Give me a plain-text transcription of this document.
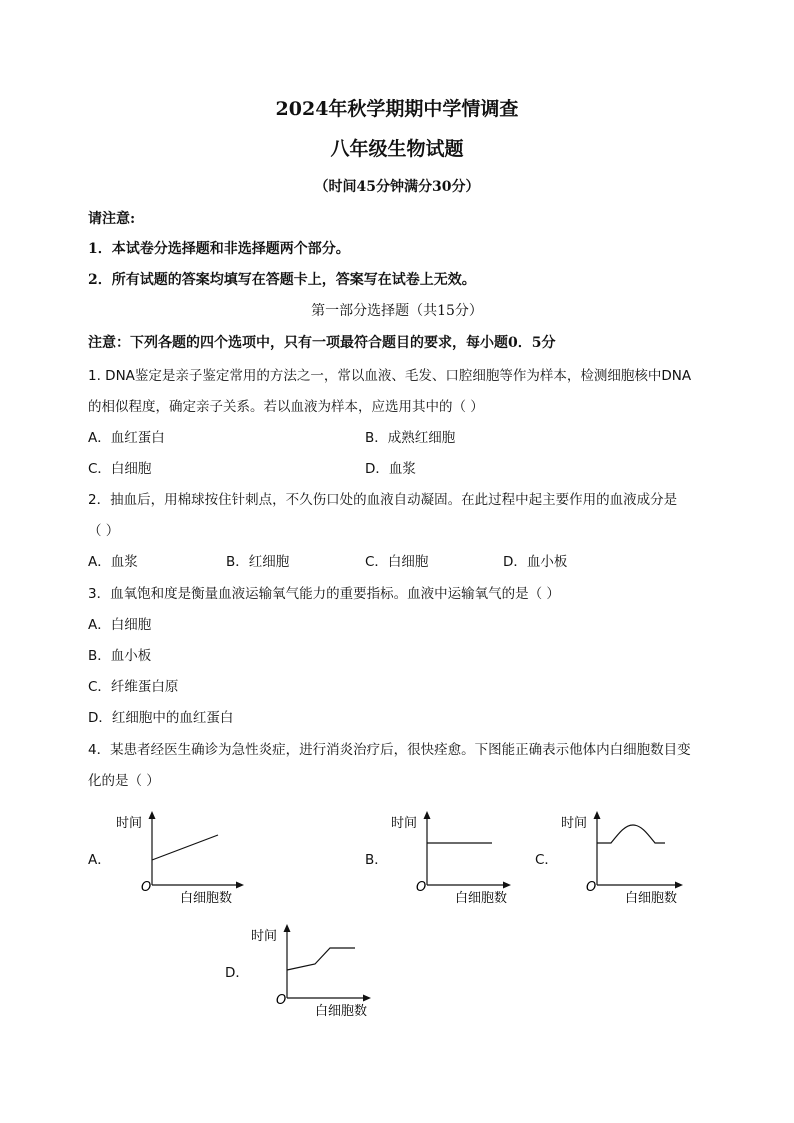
2024年秋学期期中学情调查
八年级生物试题
（时间45分钟满分30分）
请注意:
1．本试卷分选择题和非选择题两个部分。
2．所有试题的答案均填写在答题卡上，答案写在试卷上无效。
第一部分选择题（共15分）
注意：下列各题的四个选项中，只有一项最符合题目的要求，每小题0．5分
1. DNA鉴定是亲子鉴定常用的方法之一，常以血液、毛发、口腔细胞等作为样本，检测细胞核中DNA
的相似程度，确定亲子关系。若以血液为样本，应选用其中的（ ）
A．血红蛋白	B．成熟红细胞
C．白细胞	D．血浆
2．抽血后，用棉球按住针刺点，不久伤口处的血液自动凝固。在此过程中起主要作用的血液成分是
（ ）
A．血浆	B．红细胞	C．白细胞	D．血小板
3．血氧饱和度是衡量血液运输氧气能力的重要指标。血液中运输氧气的是（ ）
A．白细胞
B．血小板
C．纤维蛋白原
D．红细胞中的血红蛋白
4．某患者经医生确诊为急性炎症，进行消炎治疗后，很快痊愈。下图能正确表示他体内白细胞数目变
化的是（ ）
A．
时间
O
白细胞数
B．
时间
O
白细胞数
C．
时间
O
白细胞数
D．
时间
O
白细胞数
